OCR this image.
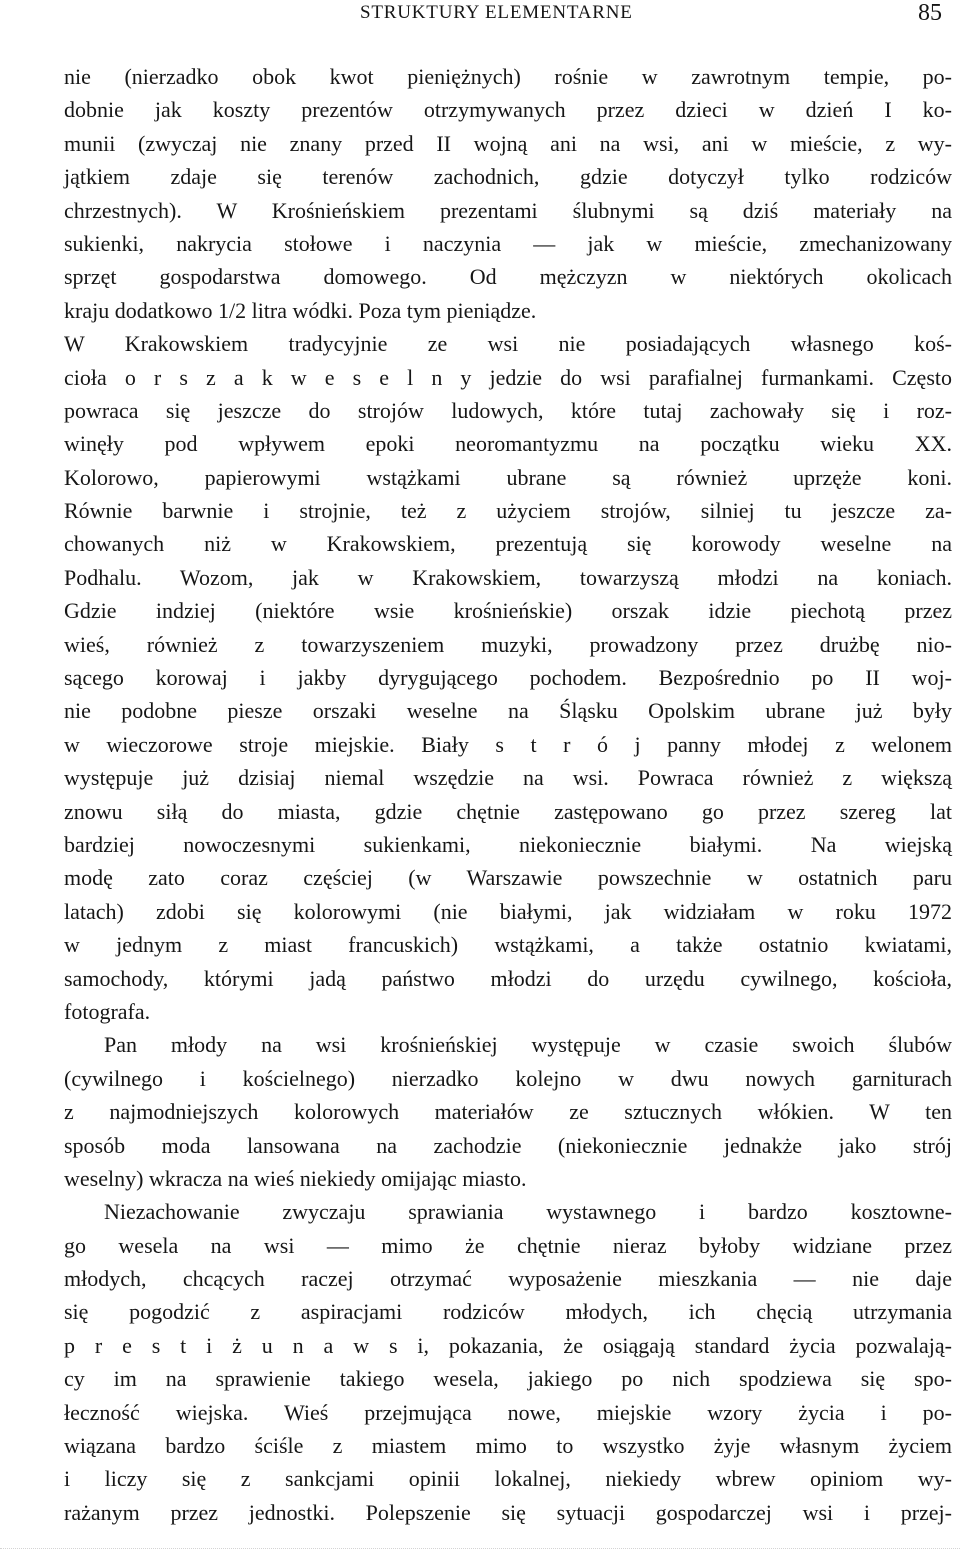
STRUKTURY ELEMENTARNE	85
nie (nierzadko obok kwot pieniężnych) rośnie w zawrotnym tempie, po-
dobnie jak koszty prezentów otrzymywanych przez dzieci w dzień I ko-
munii (zwyczaj nie znany przed II wojną ani na wsi, ani w mieście, z wy-
jątkiem zdaje się terenów zachodnich, gdzie dotyczył tylko rodziców
chrzestnych). W Krośnieńskiem prezentami ślubnymi są dziś materiały na
sukienki, nakrycia stołowe i naczynia — jak w mieście, zmechanizowany
sprzęt gospodarstwa domowego. Od mężczyzn w niektórych okolicach
kraju dodatkowo 1/2 litra wódki. Poza tym pieniądze.
W Krakowskiem tradycyjnie ze wsi nie posiadających własnego koś-
cioła o r s z a k w e s e l n y jedzie do wsi parafialnej furmankami. Często
powraca się jeszcze do strojów ludowych, które tutaj zachowały się i roz-
winęły pod wpływem epoki neoromantyzmu na początku wieku XX.
Kolorowo, papierowymi wstążkami ubrane są również uprzęże koni.
Równie barwnie i strojnie, też z użyciem strojów, silniej tu jeszcze za-
chowanych niż w Krakowskiem, prezentują się korowody weselne na
Podhalu. Wozom, jak w Krakowskiem, towarzyszą młodzi na koniach.
Gdzie indziej (niektóre wsie krośnieńskie) orszak idzie piechotą przez
wieś, również z towarzyszeniem muzyki, prowadzony przez drużbę nio-
sącego korowaj i jakby dyrygującego pochodem. Bezpośrednio po II woj-
nie podobne piesze orszaki weselne na Śląsku Opolskim ubrane już były
w wieczorowe stroje miejskie. Biały s t r ó j panny młodej z welonem
występuje już dzisiaj niemal wszędzie na wsi. Powraca również z większą
znowu siłą do miasta, gdzie chętnie zastępowano go przez szereg lat
bardziej nowoczesnymi sukienkami, niekoniecznie białymi. Na wiejską
modę zato coraz częściej (w Warszawie powszechnie w ostatnich paru
latach) zdobi się kolorowymi (nie białymi, jak widziałam w roku 1972
w jednym z miast francuskich) wstążkami, a także ostatnio kwiatami,
samochody, którymi jadą państwo młodzi do urzędu cywilnego, kościoła,
fotografa.
Pan młody na wsi krośnieńskiej występuje w czasie swoich ślubów
(cywilnego i kościelnego) nierzadko kolejno w dwu nowych garniturach
z najmodniejszych kolorowych materiałów ze sztucznych włókien. W ten
sposób moda lansowana na zachodzie (niekoniecznie jednakże jako strój
weselny) wkracza na wieś niekiedy omijając miasto.
Niezachowanie zwyczaju sprawiania wystawnego i bardzo kosztowne-
go wesela na wsi — mimo że chętnie nieraz byłoby widziane przez
młodych, chcących raczej otrzymać wyposażenie mieszkania — nie daje
się pogodzić z aspiracjami rodziców młodych, ich chęcią utrzymania
p r e s t i ż u n a w s i, pokazania, że osiągają standard życia pozwalają-
cy im na sprawienie takiego wesela, jakiego po nich spodziewa się spo-
łeczność wiejska. Wieś przejmująca nowe, miejskie wzory życia i po-
wiązana bardzo ściśle z miastem mimo to wszystko żyje własnym życiem
i liczy się z sankcjami opinii lokalnej, niekiedy wbrew opiniom wy-
rażanym przez jednostki. Polepszenie się sytuacji gospodarczej wsi i przej-
